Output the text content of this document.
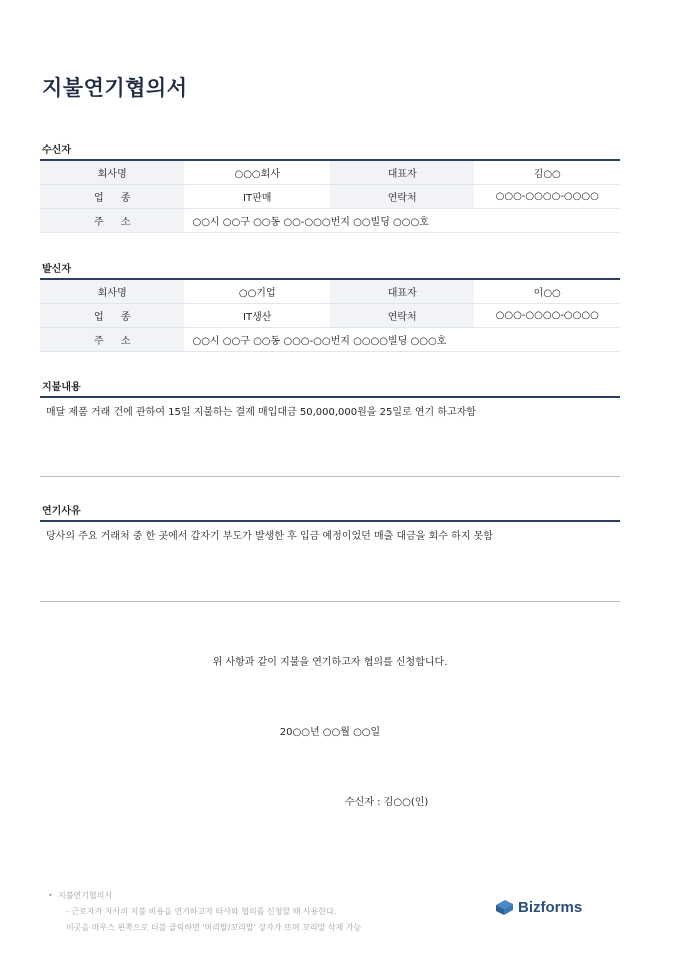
지불연기협의서
수신자
회사명	○○○회사	대표자	김○○
업 종	IT판매	연락처	○○○-○○○○-○○○○
주 소	○○시 ○○구 ○○동 ○○-○○○번지 ○○빌딩 ○○○호		
발신자
회사명	○○기업	대표자	이○○
업 종	IT생산	연락처	○○○-○○○○-○○○○
주 소	○○시 ○○구 ○○동 ○○○-○○번지 ○○○○빌딩 ○○○호		
지불내용
매달 제품 거래 건에 관하여 15일 지불하는 결제 매입대금 50,000,000원을 25일로 연기 하고자함
연기사유
당사의 주요 거래처 중 한 곳에서 갑자기 부도가 발생한 후 입금 예정이었던 매출 대금을 회수 하지 못함
위 사항과 같이 지불을 연기하고자 협의를 신청합니다.
20○○년 ○○월 ○○일
수신자 : 김○○(인)
• 지불연기협의서
- 근로자가 자사의 지불 비용을 연기하고자 타사와 협의를 신청할 때 사용한다.
이곳을 마우스 왼쪽으로 더블 클릭하면 '머리말/꼬리말' 상자가 뜨며 꼬리말 삭제 가능
Bizforms
